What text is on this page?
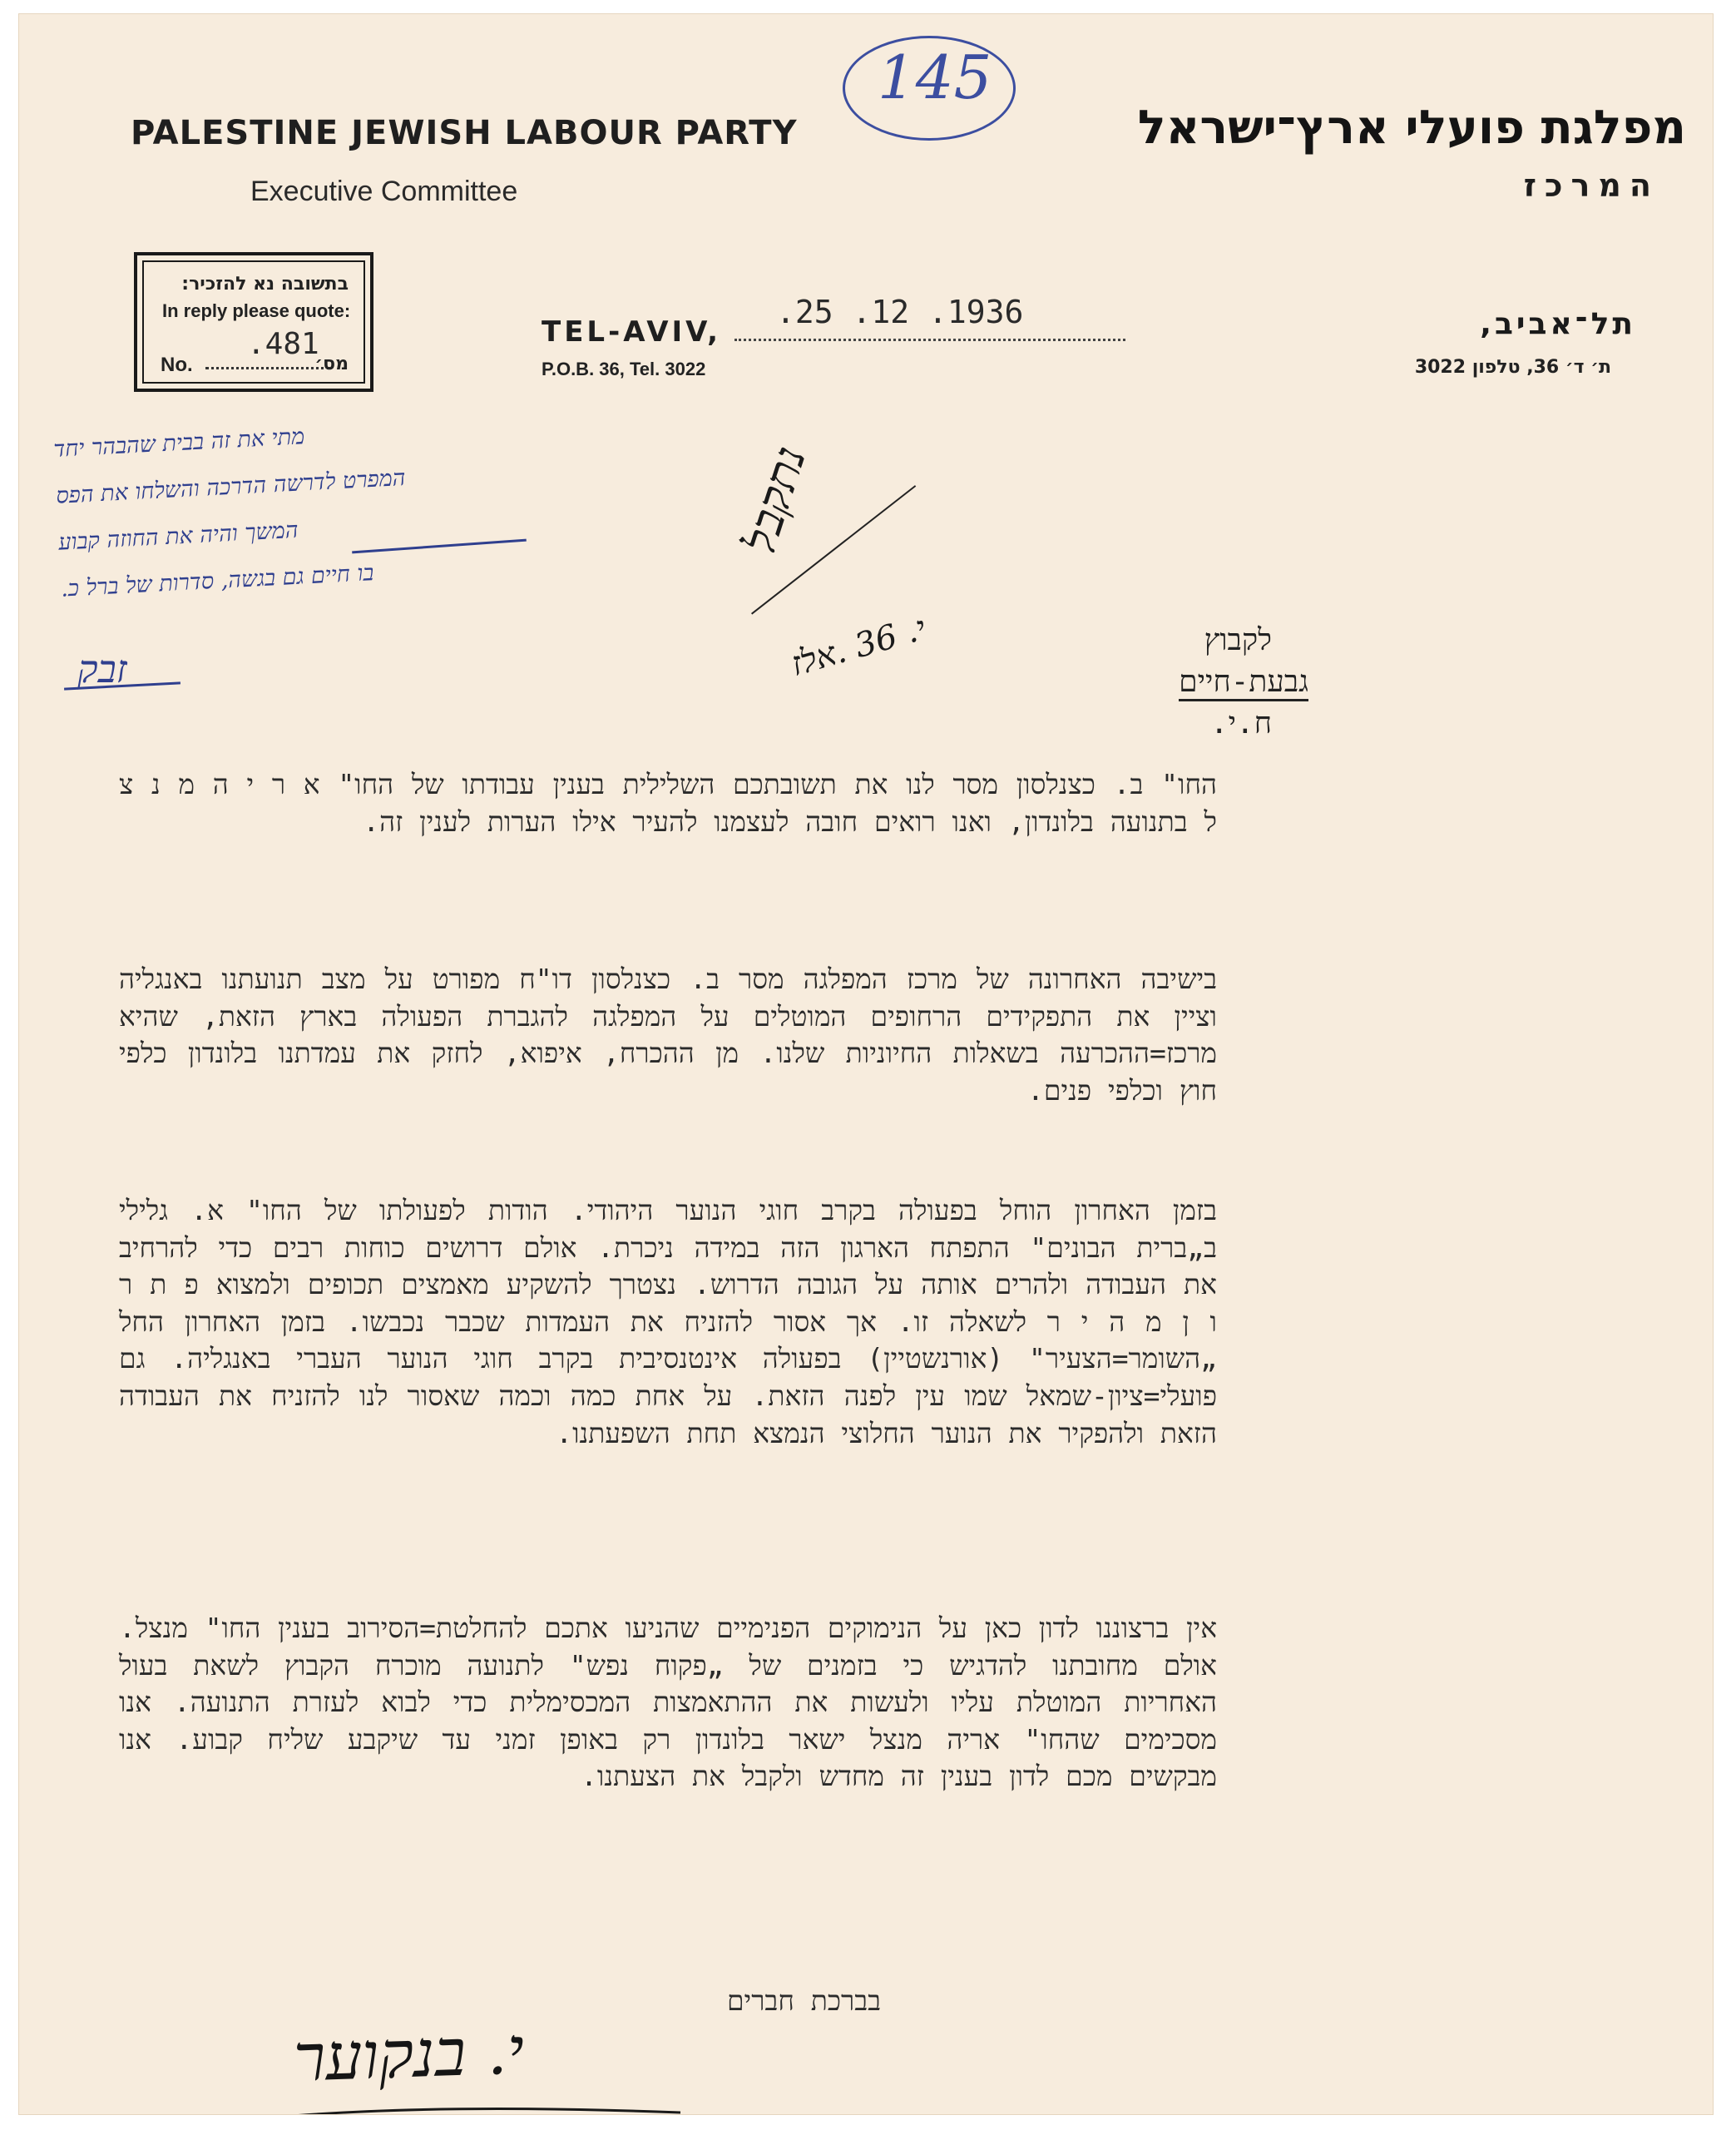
PALESTINE JEWISH LABOUR PARTY
Executive Committee
מפלגת פועלי ארץ־ישראל
המרכז
145
בתשובה נא להזכיר:
In reply please quote:
.481
No.	מס׳
TEL-AVIV,
.25 .12 .1936	תל־אביב,
P.O.B. 36, Tel. 3022	ת׳ ד׳ 36, טלפון 3022
מתי את זה בבית שהבהר יחד
המפרט לדרשה הדרכה והשלחו את הפס
המשך והיה את החוזה קבוע
בו חיים גם בגשה, סדרות של ברל כ.
זבק
נתקבל
י. 36 .אלז	לקבוץ
גבעת-חיים
ח.י.

החו" ב. כצנלסון מסר לנו את תשובתכם השלילית בענין עבודתו של החו" א ר י ה מ נ צ ל בתנועה בלונדון, ואנו רואים חובה לעצמנו להעיר אילו הערות לענין זה.

בישיבה האחרונה של מרכז המפלגה מסר ב. כצנלסון דו"ח מפורט על מצב תנועתנו באנגליה וציין את התפקידים הרחופים המוטלים על המפלגה להגברת הפעולה בארץ הזאת, שהיא מרכז=ההכרעה בשאלות החיוניות שלנו. מן ההכרח, איפוא, לחזק את עמדתנו בלונדון כלפי חוץ וכלפי פנים.

בזמן האחרון הוחל בפעולה בקרב חוגי הנוער היהודי. הודות לפעולתו של החו" א. גלילי ב„ברית הבונים" התפתח הארגון הזה במידה ניכרת. אולם דרושים כוחות רבים כדי להרחיב את העבודה ולהרים אותה על הגובה הדרוש. נצטרך להשקיע מאמצים תכופים ולמצוא פ ת ר ו ן מ ה י ר לשאלה זו. אך אסור להזניח את העמדות שכבר נכבשו. בזמן האחרון החל „השומר=הצעיר" (אורנשטיין) בפעולה אינטנסיבית בקרב חוגי הנוער העברי באנגליה. גם פועלי=ציון-שמאל שמו עין לפנה הזאת. על אחת כמה וכמה שאסור לנו להזניח את העבודה הזאת ולהפקיר את הנוער החלוצי הנמצא תחת השפעתנו.

אין ברצוננו לדון כאן על הנימוקים הפנימיים שהניעו אתכם להחלטת=הסירוב בענין החו" מנצל. אולם מחובתנו להדגיש כי בזמנים של „פקוח נפש" לתנועה מוכרח הקבוץ לשאת בעול האחריות המוטלת עליו ולעשות את ההתאמצות המכסימלית כדי לבוא לעזרת התנועה. אנו מסכימים שהחו" אריה מנצל ישאר בלונדון רק באופן זמני עד שיקבע שליח קבוע. אנו מבקשים מכם לדון בענין זה מחדש ולקבל את הצעתנו.

בברכת חברים
י. בנקוער
